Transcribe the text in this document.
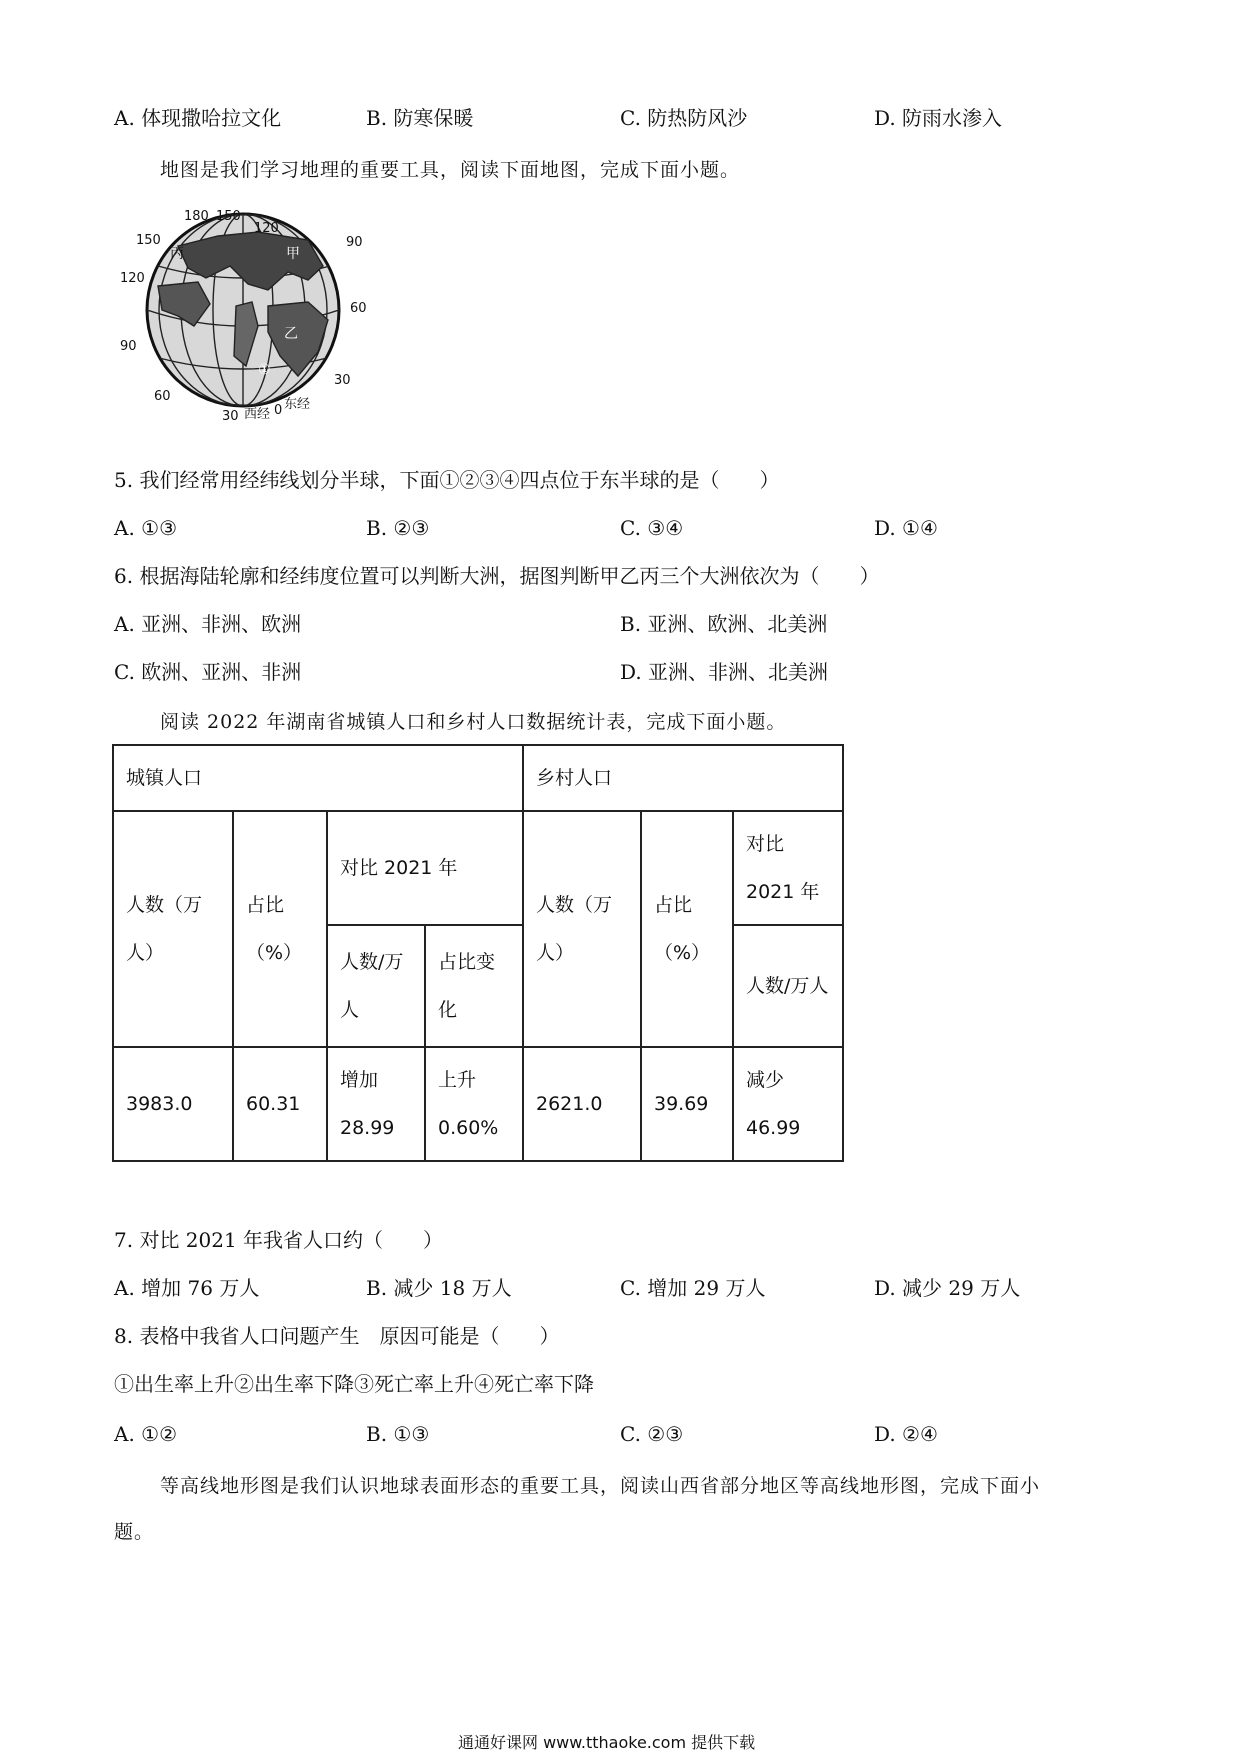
A. 体现撒哈拉文化	B. 防寒保暖	C. 防热防风沙	D. 防雨水渗入
地图是我们学习地理的重要工具，阅读下面地图，完成下面小题。
180 150
120
150
120
90
60
90
60
30
30 西经 0 东经
丙	甲
乙
①
5. 我们经常用经纬线划分半球，下面①②③④四点位于东半球的是（　　）
A. ①③	B. ②③	C. ③④	D. ①④
6. 根据海陆轮廓和经纬度位置可以判断大洲，据图判断甲乙丙三个大洲依次为（　　）
A. 亚洲、非洲、欧洲	B. 亚洲、欧洲、北美洲
C. 欧洲、亚洲、非洲	D. 亚洲、非洲、北美洲
阅读 2022 年湖南省城镇人口和乡村人口数据统计表，完成下面小题。
城镇人口				乡村人口		
人数（万人）	占比（%）	对比 2021 年		人数（万人）	占比（%）	对比 2021 年
		人数/万人	占比变化			人数/万人
3983.0	60.31	增加 28.99	上升 0.60%	2621.0	39.69	减少 46.99
7. 对比 2021 年我省人口约（　　）
A. 增加 76 万人	B. 减少 18 万人	C. 增加 29 万人	D. 减少 29 万人
8. 表格中我省人口问题产生　原因可能是（　　）
①出生率上升②出生率下降③死亡率上升④死亡率下降
A. ①②	B. ①③	C. ②③	D. ②④
等高线地形图是我们认识地球表面形态的重要工具，阅读山西省部分地区等高线地形图，完成下面小
题。
通通好课网 www.tthaoke.com 提供下载
